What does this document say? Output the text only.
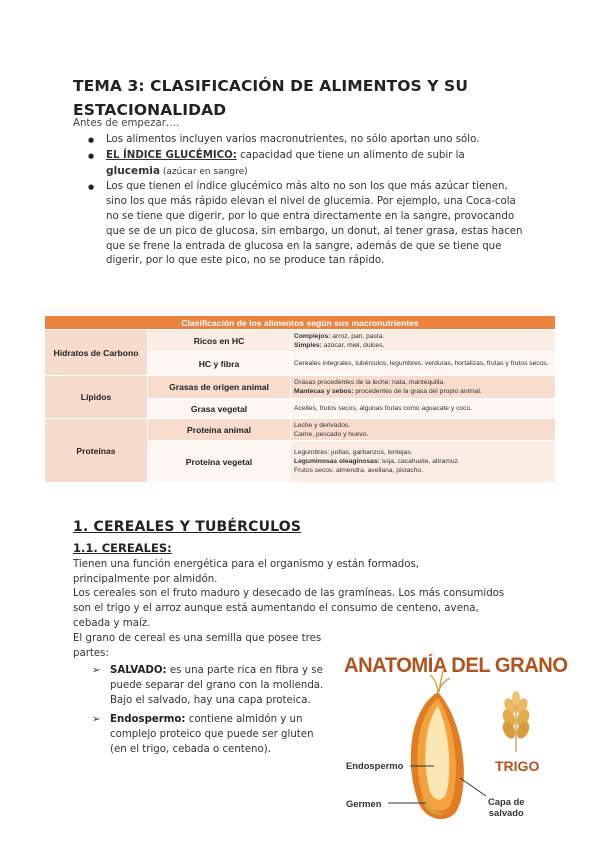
TEMA 3: CLASIFICACIÓN DE ALIMENTOS Y SU ESTACIONALIDAD
Antes de empezar….
● Los alimentos incluyen varios macronutrientes, no sólo aportan uno sólo.
● EL ÍNDICE GLUCÉMICO: capacidad que tiene un alimento de subir la
glucemia (azúcar en sangre)
● Los que tienen el índice glucémico más alto no son los que más azúcar tienen, sino los que más rápido elevan el nivel de glucemia. Por ejemplo, una Coca-cola no se tiene que digerir, por lo que entra directamente en la sangre, provocando que se de un pico de glucosa, sin embargo, un donut, al tener grasa, estas hacen que se frene la entrada de glucosa en la sangre, además de que se tiene que digerir, por lo que este pico, no se produce tan rápido.
Clasificación de los alimentos según sus macronutrientes		
Hidratos de Carbono	Ricos en HC	Complejos: arroz, pan, pasta.
Simples: azúcar, miel, dulces.
	HC y fibra	Cereales integrales, tubérculos, legumbres, verduras, hortalizas, frutas y frutos secos.
Lípidos	Grasas de origen animal	Grasas procedentes de la leche: nata, mantequilla.
Mantecas y sebos: procedentes de la grasa del propio animal.
	Grasa vegetal	Aceites, frutos secos, algunas frutas como aguacate y coco.
Proteínas	Proteína animal	Leche y derivados.
Carne, pescado y huevo.
	Proteína vegetal	Legumbres: judías, garbanzos, lentejas.
Leguminosas oleaginosas: soja, cacahuete, altramuz.
Frutos secos: almendra, avellana, pistacho.
1. CEREALES Y TUBÉRCULOS
1.1. CEREALES:

Tienen una función energética para el organismo y están formados, principalmente por almidón.

Los cereales son el fruto maduro y desecado de las gramíneas. Los más consumidos son el trigo y el arroz aunque está aumentando el consumo de centeno, avena, cebada y maíz.

El grano de cereal es una semilla que posee tres partes:

➢ SALVADO: es una parte rica en fibra y se puede separar del grano con la molienda. Bajo el salvado, hay una capa proteica.
➢ Endospermo: contiene almidón y un complejo proteico que puede ser gluten (en el trigo, cebada o centeno).
ANATOMÍA DEL GRANO
Endospermo
Germen	Capa de
salvado
TRIGO
